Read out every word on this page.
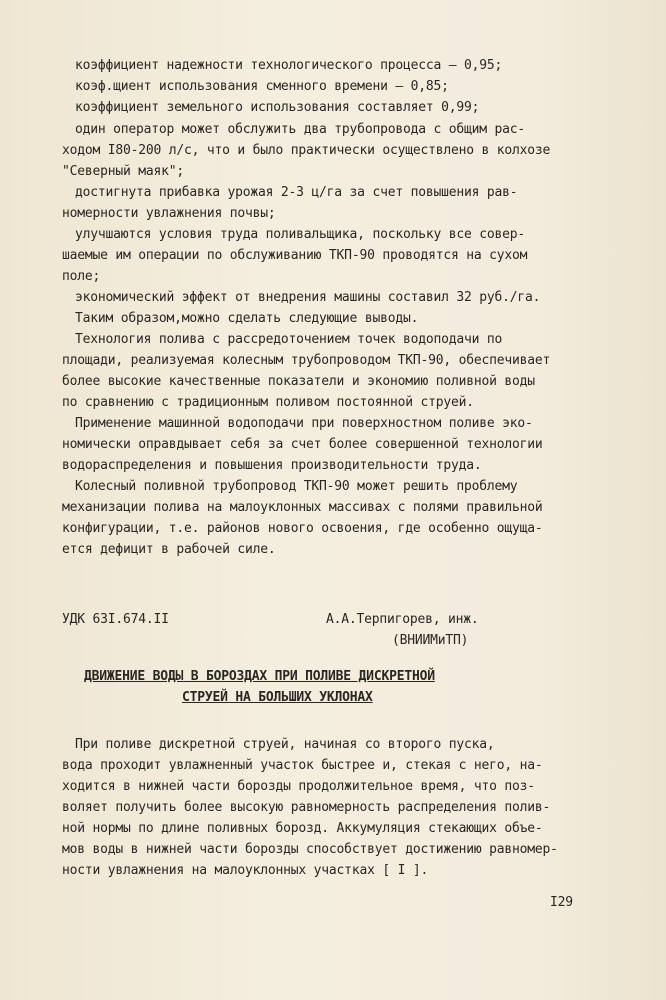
коэффициент надежности технологического процесса – 0,95;
коэф.щиент использования сменного времени – 0,85;
коэффициент земельного использования составляет 0,99;
один оператор может обслужить два трубопровода с общим рас-
ходом I80-200 л/с, что и было практически осуществлено в колхозе
"Северный маяк";
достигнута прибавка урожая 2-3 ц/га за счет повышения рав-
номерности увлажнения почвы;
улучшаются условия труда поливальщика, поскольку все совер-
шаемые им операции по обслуживанию ТКП-90 проводятся на сухом
поле;
экономический эффект от внедрения машины составил 32 руб./га.
Таким образом,можно сделать следующие выводы.
Технология полива с рассредоточением точек водоподачи по
площади, реализуемая колесным трубопроводом ТКП-90, обеспечивает
более высокие качественные показатели и экономию поливной воды
по сравнению с традиционным поливом постоянной струей.
Применение машинной водоподачи при поверхностном поливе эко-
номически оправдывает себя за счет более совершенной технологии
водораспределения и повышения производительности труда.
Колесный поливной трубопровод ТКП-90 может решить проблему
механизации полива на малоуклонных массивах с полями правильной
конфигурации, т.е. районов нового освоения, где особенно ощуща-
ется дефицит в рабочей силе.
УДК 63I.674.II	А.А.Терпигорев, инж.
(ВНИИМиТП)
ДВИЖЕНИЕ ВОДЫ В БОРОЗДАХ ПРИ ПОЛИВЕ ДИСКРЕТНОЙ
СТРУЕЙ НА БОЛЬШИХ УКЛОНАХ
При поливе дискретной струей, начиная со второго пуска,
вода проходит увлажненный участок быстрее и, стекая с него, на-
ходится в нижней части борозды продолжительное время, что поз-
воляет получить более высокую равномерность распределения полив-
ной нормы по длине поливных борозд. Аккумуляция стекающих объе-
мов воды в нижней части борозды способствует достижению равномер-
ности увлажнения на малоуклонных участках [ I ].
I29
